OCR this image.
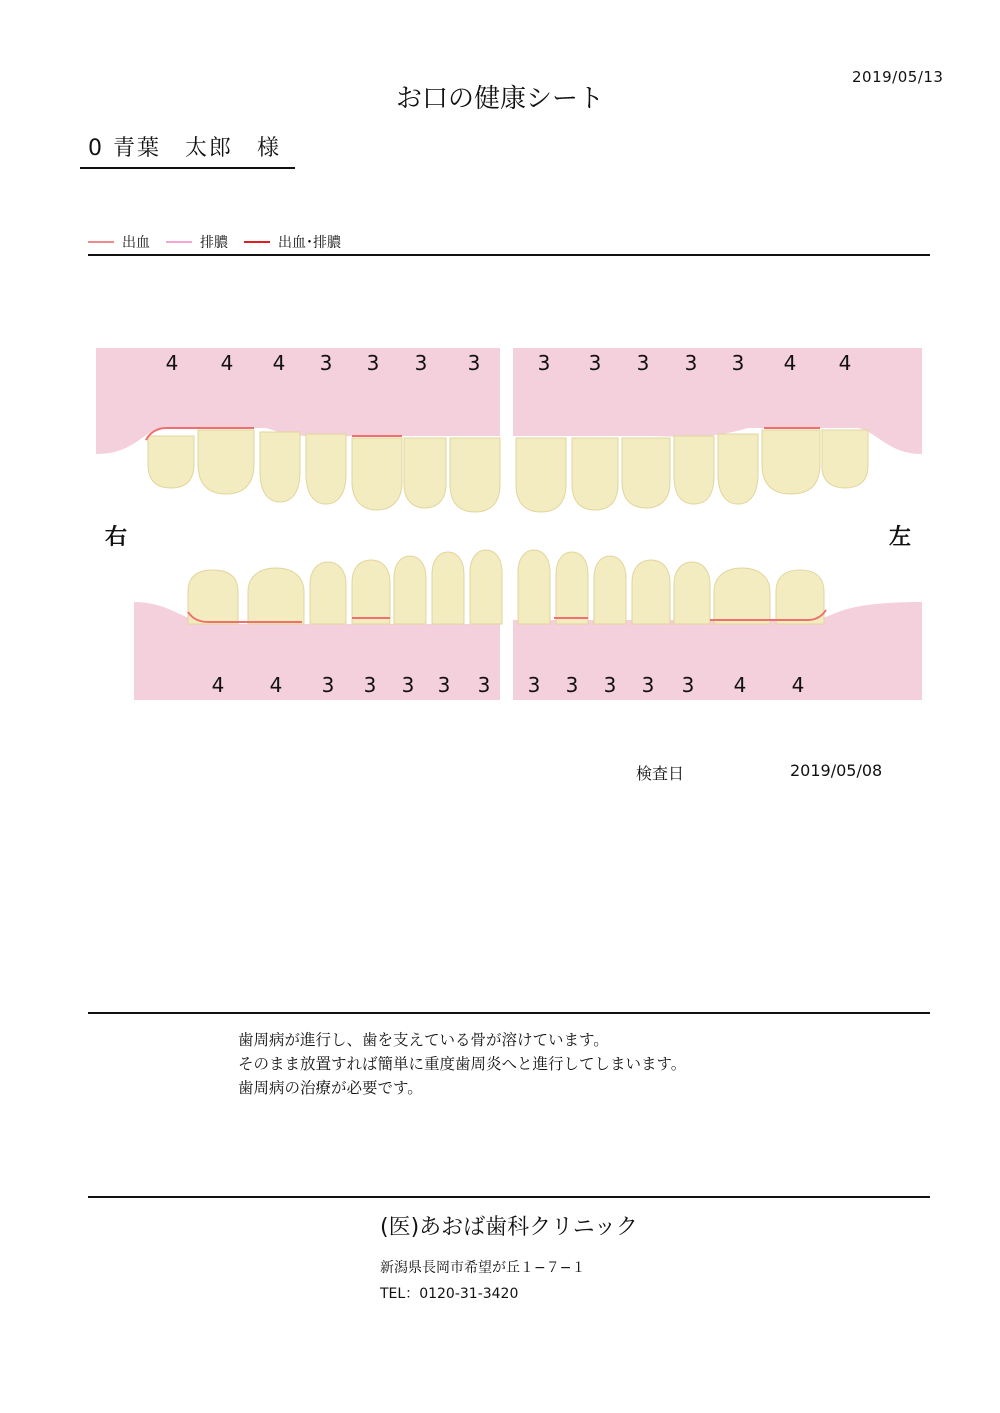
2019/05/13
お口の健康シート
0 青葉　太郎　 様
出血	排膿	出血･排膿
4 4 4 3 3 3 3	3 3 3 3 3 4 4
4 4 3 3 3 3 3 3 3 3 3 3 4 4
右	左
検査日	2019/05/08
歯周病が進行し、歯を支えている骨が溶けています。
そのまま放置すれば簡単に重度歯周炎へと進行してしまいます。
歯周病の治療が必要です。
(医)あおば歯科クリニック
新潟県長岡市希望が丘１−７−１
TEL：0120-31-3420
